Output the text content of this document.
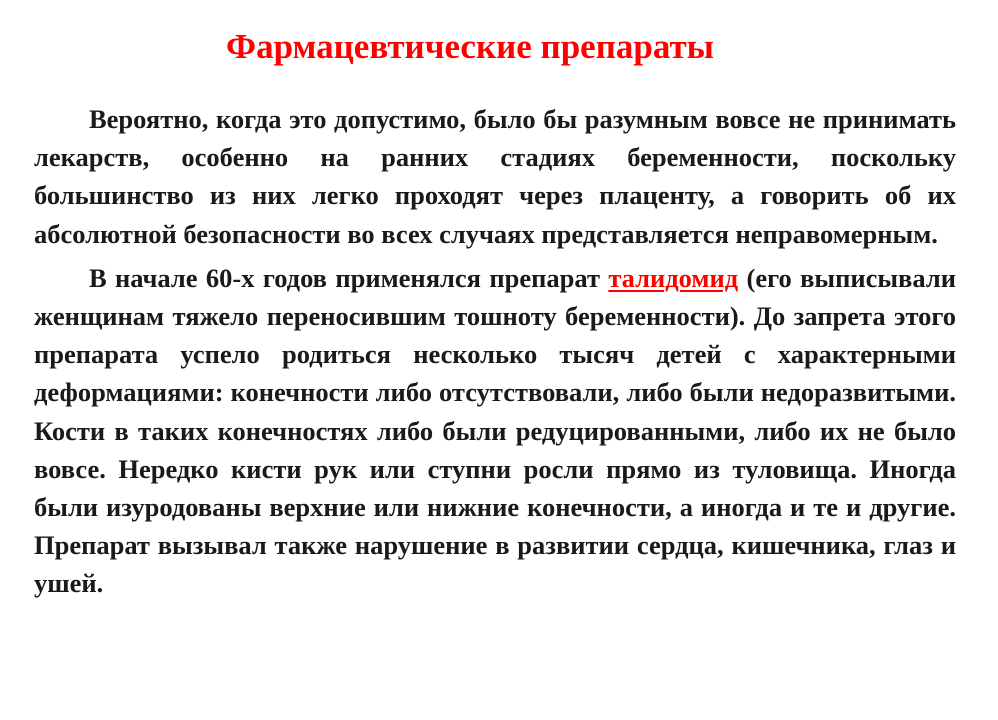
Фармацевтические препараты

Вероятно, когда это допустимо, было бы разумным вовсе не принимать лекарств, особенно на ранних стадиях беременности, поскольку большинство из них легко проходят через плаценту, а говорить об их абсолютной безопасности во всех случаях представляется неправомерным.

В начале 60-х годов применялся препарат талидомид (его выписывали женщинам тяжело переносившим тошноту беременности). До запрета этого препарата успело родиться несколько тысяч детей с характерными деформациями: конечности либо отсутствовали, либо были недоразвитыми. Кости в таких конечностях либо были редуцированными, либо их не было вовсе. Нередко кисти рук или ступни росли прямо из туловища. Иногда были изуродованы верхние или нижние конечности, а иногда и те и другие. Препарат вызывал также нарушение в развитии сердца, кишечника, глаз и ушей.
